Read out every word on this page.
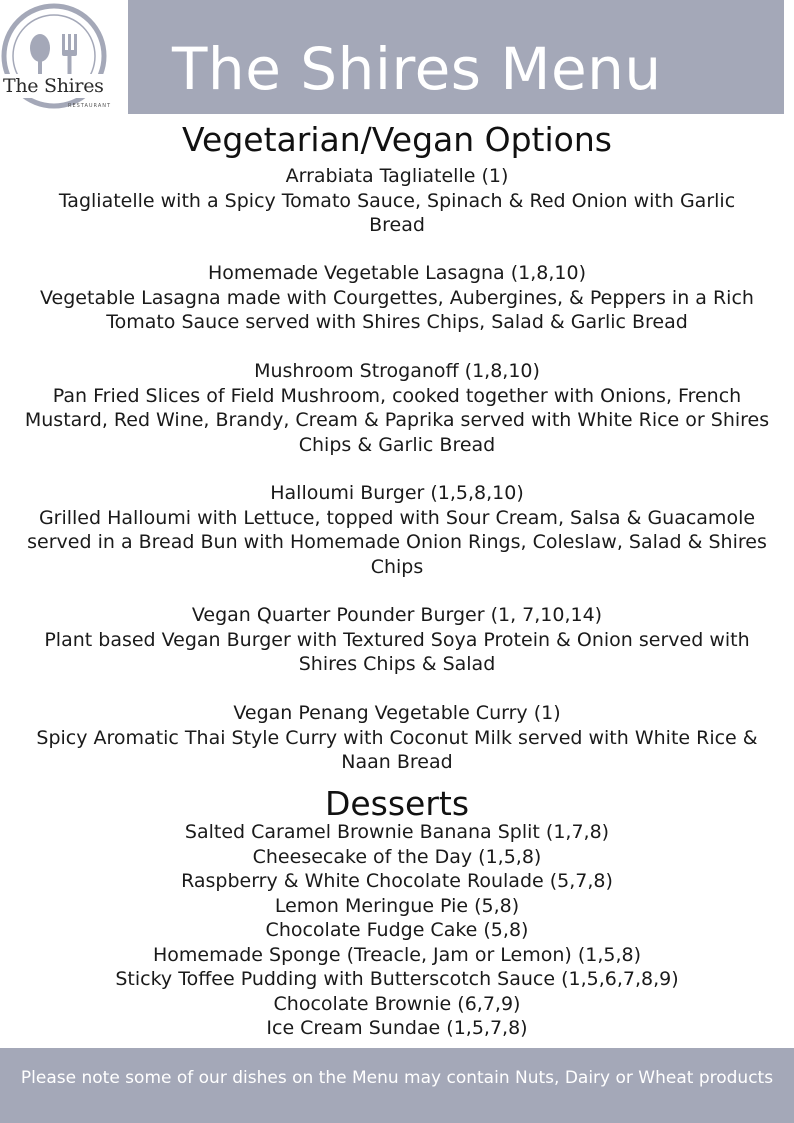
The Shires
RESTAURANT
The Shires Menu
Vegetarian/Vegan Options
Arrabiata Tagliatelle (1)
Tagliatelle with a Spicy Tomato Sauce, Spinach & Red Onion with Garlic Bread
Homemade Vegetable Lasagna (1,8,10)
Vegetable Lasagna made with Courgettes, Aubergines, & Peppers in a Rich Tomato Sauce served with Shires Chips, Salad & Garlic Bread
Mushroom Stroganoff (1,8,10)
Pan Fried Slices of Field Mushroom, cooked together with Onions, French Mustard, Red Wine, Brandy, Cream & Paprika served with White Rice or Shires Chips & Garlic Bread
Halloumi Burger (1,5,8,10)
Grilled Halloumi with Lettuce, topped with Sour Cream, Salsa & Guacamole served in a Bread Bun with Homemade Onion Rings, Coleslaw, Salad & Shires Chips
Vegan Quarter Pounder Burger (1, 7,10,14)
Plant based Vegan Burger with Textured Soya Protein & Onion served with Shires Chips & Salad
Vegan Penang Vegetable Curry (1)
Spicy Aromatic Thai Style Curry with Coconut Milk served with White Rice & Naan Bread
Desserts
Salted Caramel Brownie Banana Split (1,7,8)
Cheesecake of the Day (1,5,8)
Raspberry & White Chocolate Roulade (5,7,8)
Lemon Meringue Pie (5,8)
Chocolate Fudge Cake (5,8)
Homemade Sponge (Treacle, Jam or Lemon) (1,5,8)
Sticky Toffee Pudding with Butterscotch Sauce (1,5,6,7,8,9)
Chocolate Brownie (6,7,9)
Ice Cream Sundae (1,5,7,8)
Please note some of our dishes on the Menu may contain Nuts, Dairy or Wheat products
